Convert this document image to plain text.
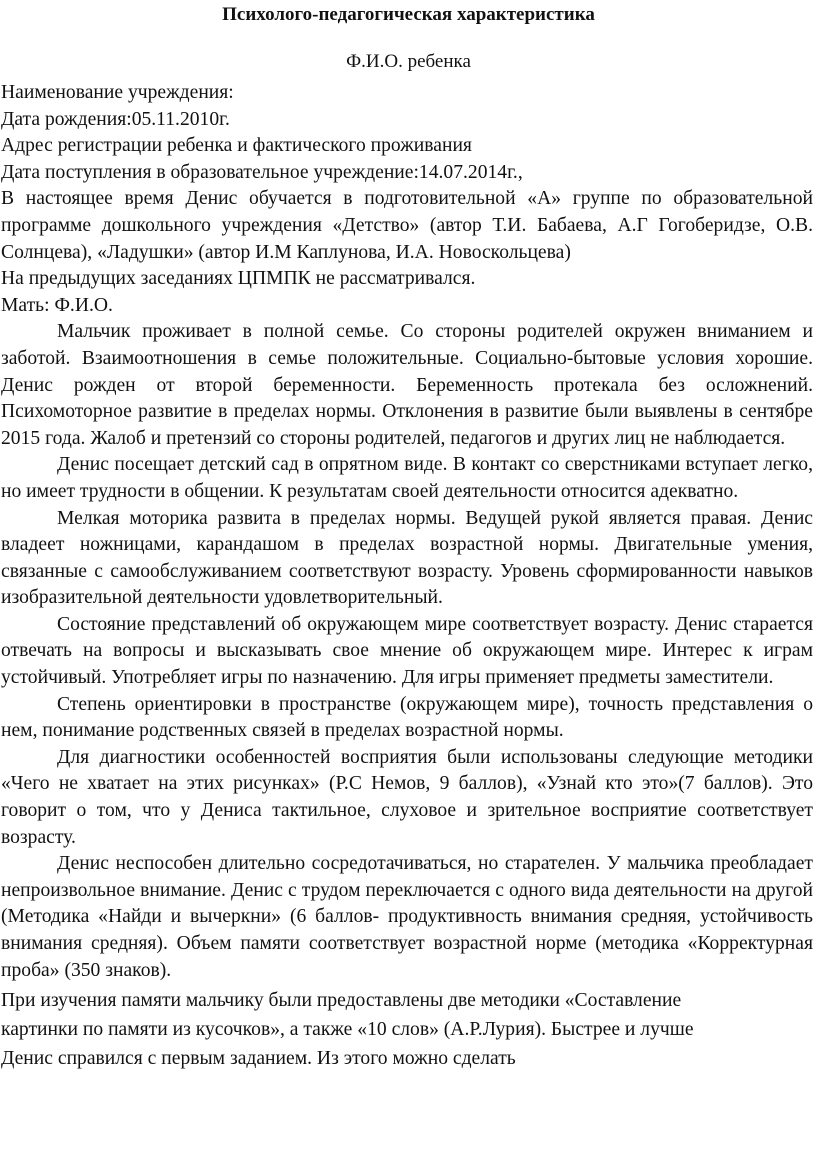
Психолого-педагогическая характеристика

Ф.И.О. ребенка

Наименование учреждения:

Дата рождения:05.11.2010г.

Адрес регистрации ребенка и фактического проживания

Дата поступления в образовательное учреждение:14.07.2014г.,

В настоящее время Денис обучается в подготовительной «А» группе по образовательной программе дошкольного учреждения «Детство» (автор Т.И. Бабаева, А.Г Гогоберидзе, О.В. Солнцева), «Ладушки» (автор И.М Каплунова, И.А. Новоскольцева)

На предыдущих заседаниях ЦПМПК не рассматривался.

Мать: Ф.И.О.

Мальчик проживает в полной семье. Со стороны родителей окружен вниманием и заботой. Взаимоотношения в семье положительные. Социально-бытовые условия хорошие. Денис рожден от второй беременности. Беременность протекала без осложнений. Психомоторное развитие в пределах нормы. Отклонения в развитие были выявлены в сентябре 2015 года. Жалоб и претензий со стороны родителей, педагогов и других лиц не наблюдается.

Денис посещает детский сад в опрятном виде. В контакт со сверстниками вступает легко, но имеет трудности в общении. К результатам своей деятельности относится адекватно.

Мелкая моторика развита в пределах нормы. Ведущей рукой является правая. Денис владеет ножницами, карандашом в пределах возрастной нормы. Двигательные умения, связанные с самообслуживанием соответствуют возрасту. Уровень сформированности навыков изобразительной деятельности удовлетворительный.

Состояние представлений об окружающем мире соответствует возрасту. Денис старается отвечать на вопросы и высказывать свое мнение об окружающем мире. Интерес к играм устойчивый. Употребляет игры по назначению. Для игры применяет предметы заместители.

Степень ориентировки в пространстве (окружающем мире), точность представления о нем, понимание родственных связей в пределах возрастной нормы.

Для диагностики особенностей восприятия были использованы следующие методики «Чего не хватает на этих рисунках» (Р.С Немов, 9 баллов), «Узнай кто это»(7 баллов). Это говорит о том, что у Дениса тактильное, слуховое и зрительное восприятие соответствует возрасту.

Денис неспособен длительно сосредотачиваться, но старателен. У мальчика преобладает непроизвольное внимание. Денис с трудом переключается с одного вида деятельности на другой (Методика «Найди и вычеркни» (6 баллов- продуктивность внимания средняя, устойчивость внимания средняя). Объем памяти соответствует возрастной норме (методика «Корректурная проба» (350 знаков).

При изучения памяти мальчику были предоставлены две методики «Составление

картинки по памяти из кусочков», а также «10 слов» (А.Р.Лурия). Быстрее и лучше

Денис справился с первым заданием. Из этого можно сделать
